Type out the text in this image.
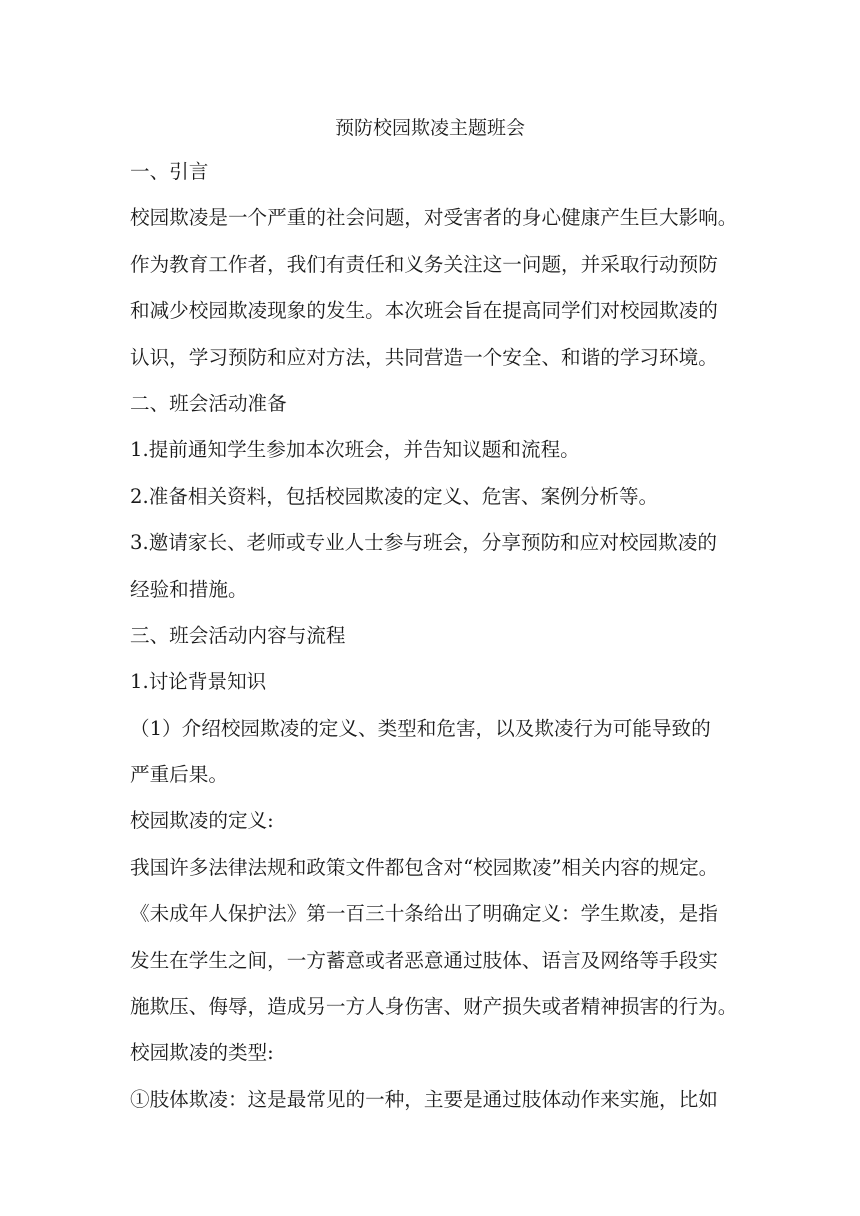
预防校园欺凌主题班会
一、引言
校园欺凌是一个严重的社会问题，对受害者的身心健康产生巨大影响。
作为教育工作者，我们有责任和义务关注这一问题，并采取行动预防
和减少校园欺凌现象的发生。本次班会旨在提高同学们对校园欺凌的
认识，学习预防和应对方法，共同营造一个安全、和谐的学习环境。
二、班会活动准备
1.提前通知学生参加本次班会，并告知议题和流程。
2.准备相关资料，包括校园欺凌的定义、危害、案例分析等。
3.邀请家长、老师或专业人士参与班会，分享预防和应对校园欺凌的
经验和措施。
三、班会活动内容与流程
1.讨论背景知识
（1）介绍校园欺凌的定义、类型和危害，以及欺凌行为可能导致的
严重后果。
校园欺凌的定义:
我国许多法律法规和政策文件都包含对“校园欺凌”相关内容的规定。
《未成年人保护法》第一百三十条给出了明确定义：学生欺凌，是指
发生在学生之间，一方蓄意或者恶意通过肢体、语言及网络等手段实
施欺压、侮辱，造成另一方人身伤害、财产损失或者精神损害的行为。
校园欺凌的类型:
①肢体欺凌：这是最常见的一种，主要是通过肢体动作来实施，比如
